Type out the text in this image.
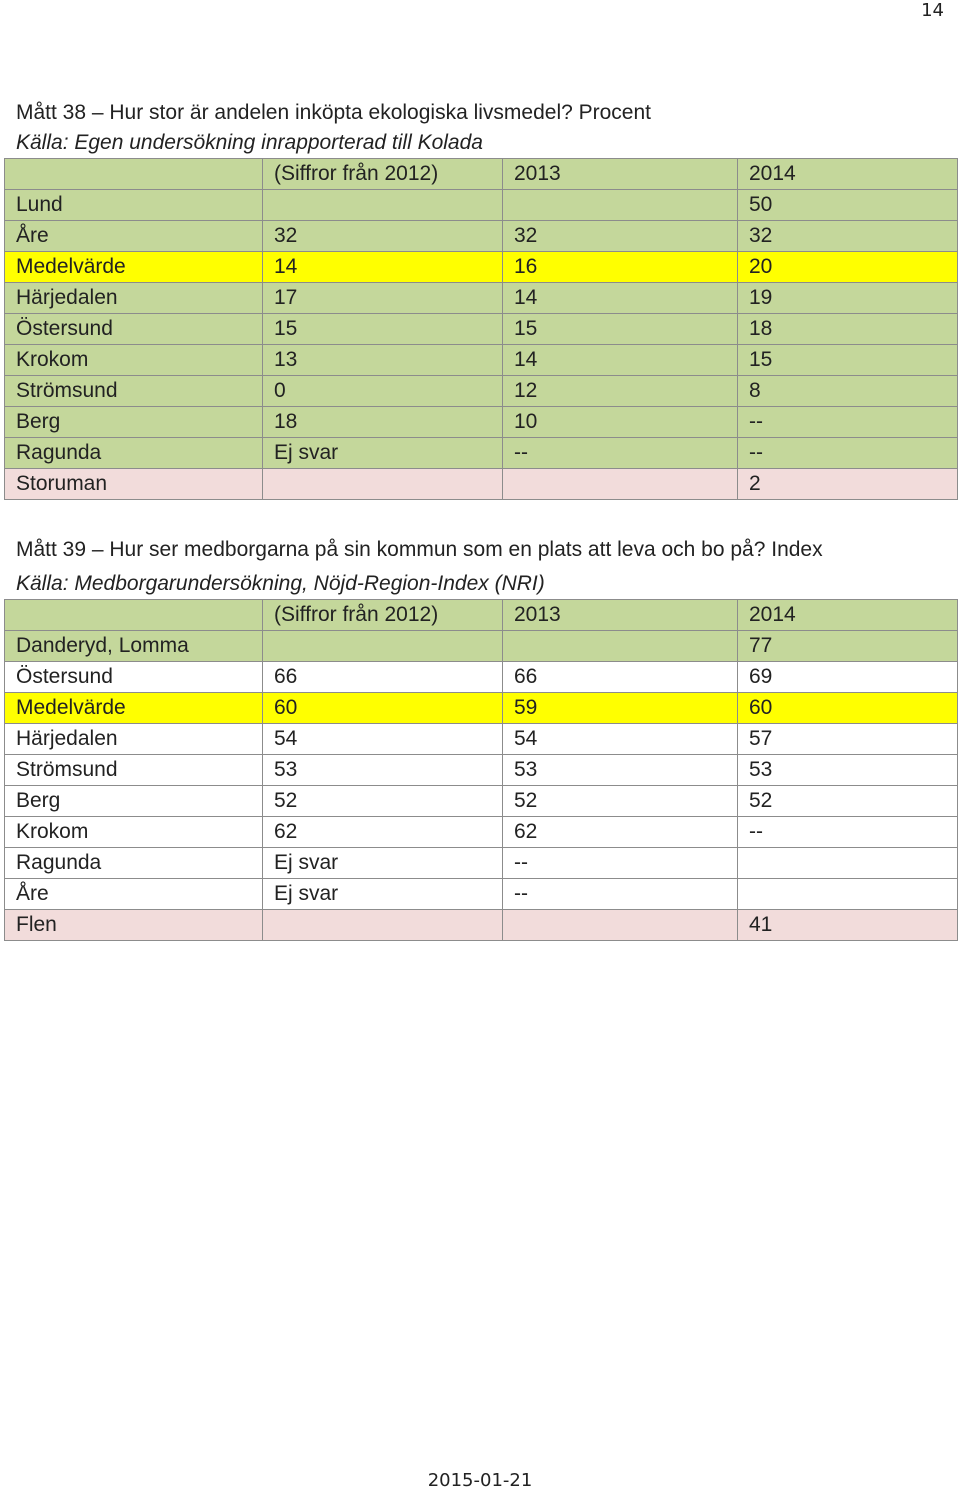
14
Mått 38 – Hur stor är andelen inköpta ekologiska livsmedel? Procent
Källa: Egen undersökning inrapporterad till Kolada
	(Siffror från 2012)	2013	2014
Lund			50
Åre	32	32	32
Medelvärde	14	16	20
Härjedalen	17	14	19
Östersund	15	15	18
Krokom	13	14	15
Strömsund	0	12	8
Berg	18	10	--
Ragunda	Ej svar	--	--
Storuman			2
Mått 39 – Hur ser medborgarna på sin kommun som en plats att leva och bo på? Index
Källa: Medborgarundersökning, Nöjd-Region-Index (NRI)
	(Siffror från 2012)	2013	2014
Danderyd, Lomma			77
Östersund	66	66	69
Medelvärde	60	59	60
Härjedalen	54	54	57
Strömsund	53	53	53
Berg	52	52	52
Krokom	62	62	--
Ragunda	Ej svar	--	
Åre	Ej svar	--	
Flen			41
2015-01-21
